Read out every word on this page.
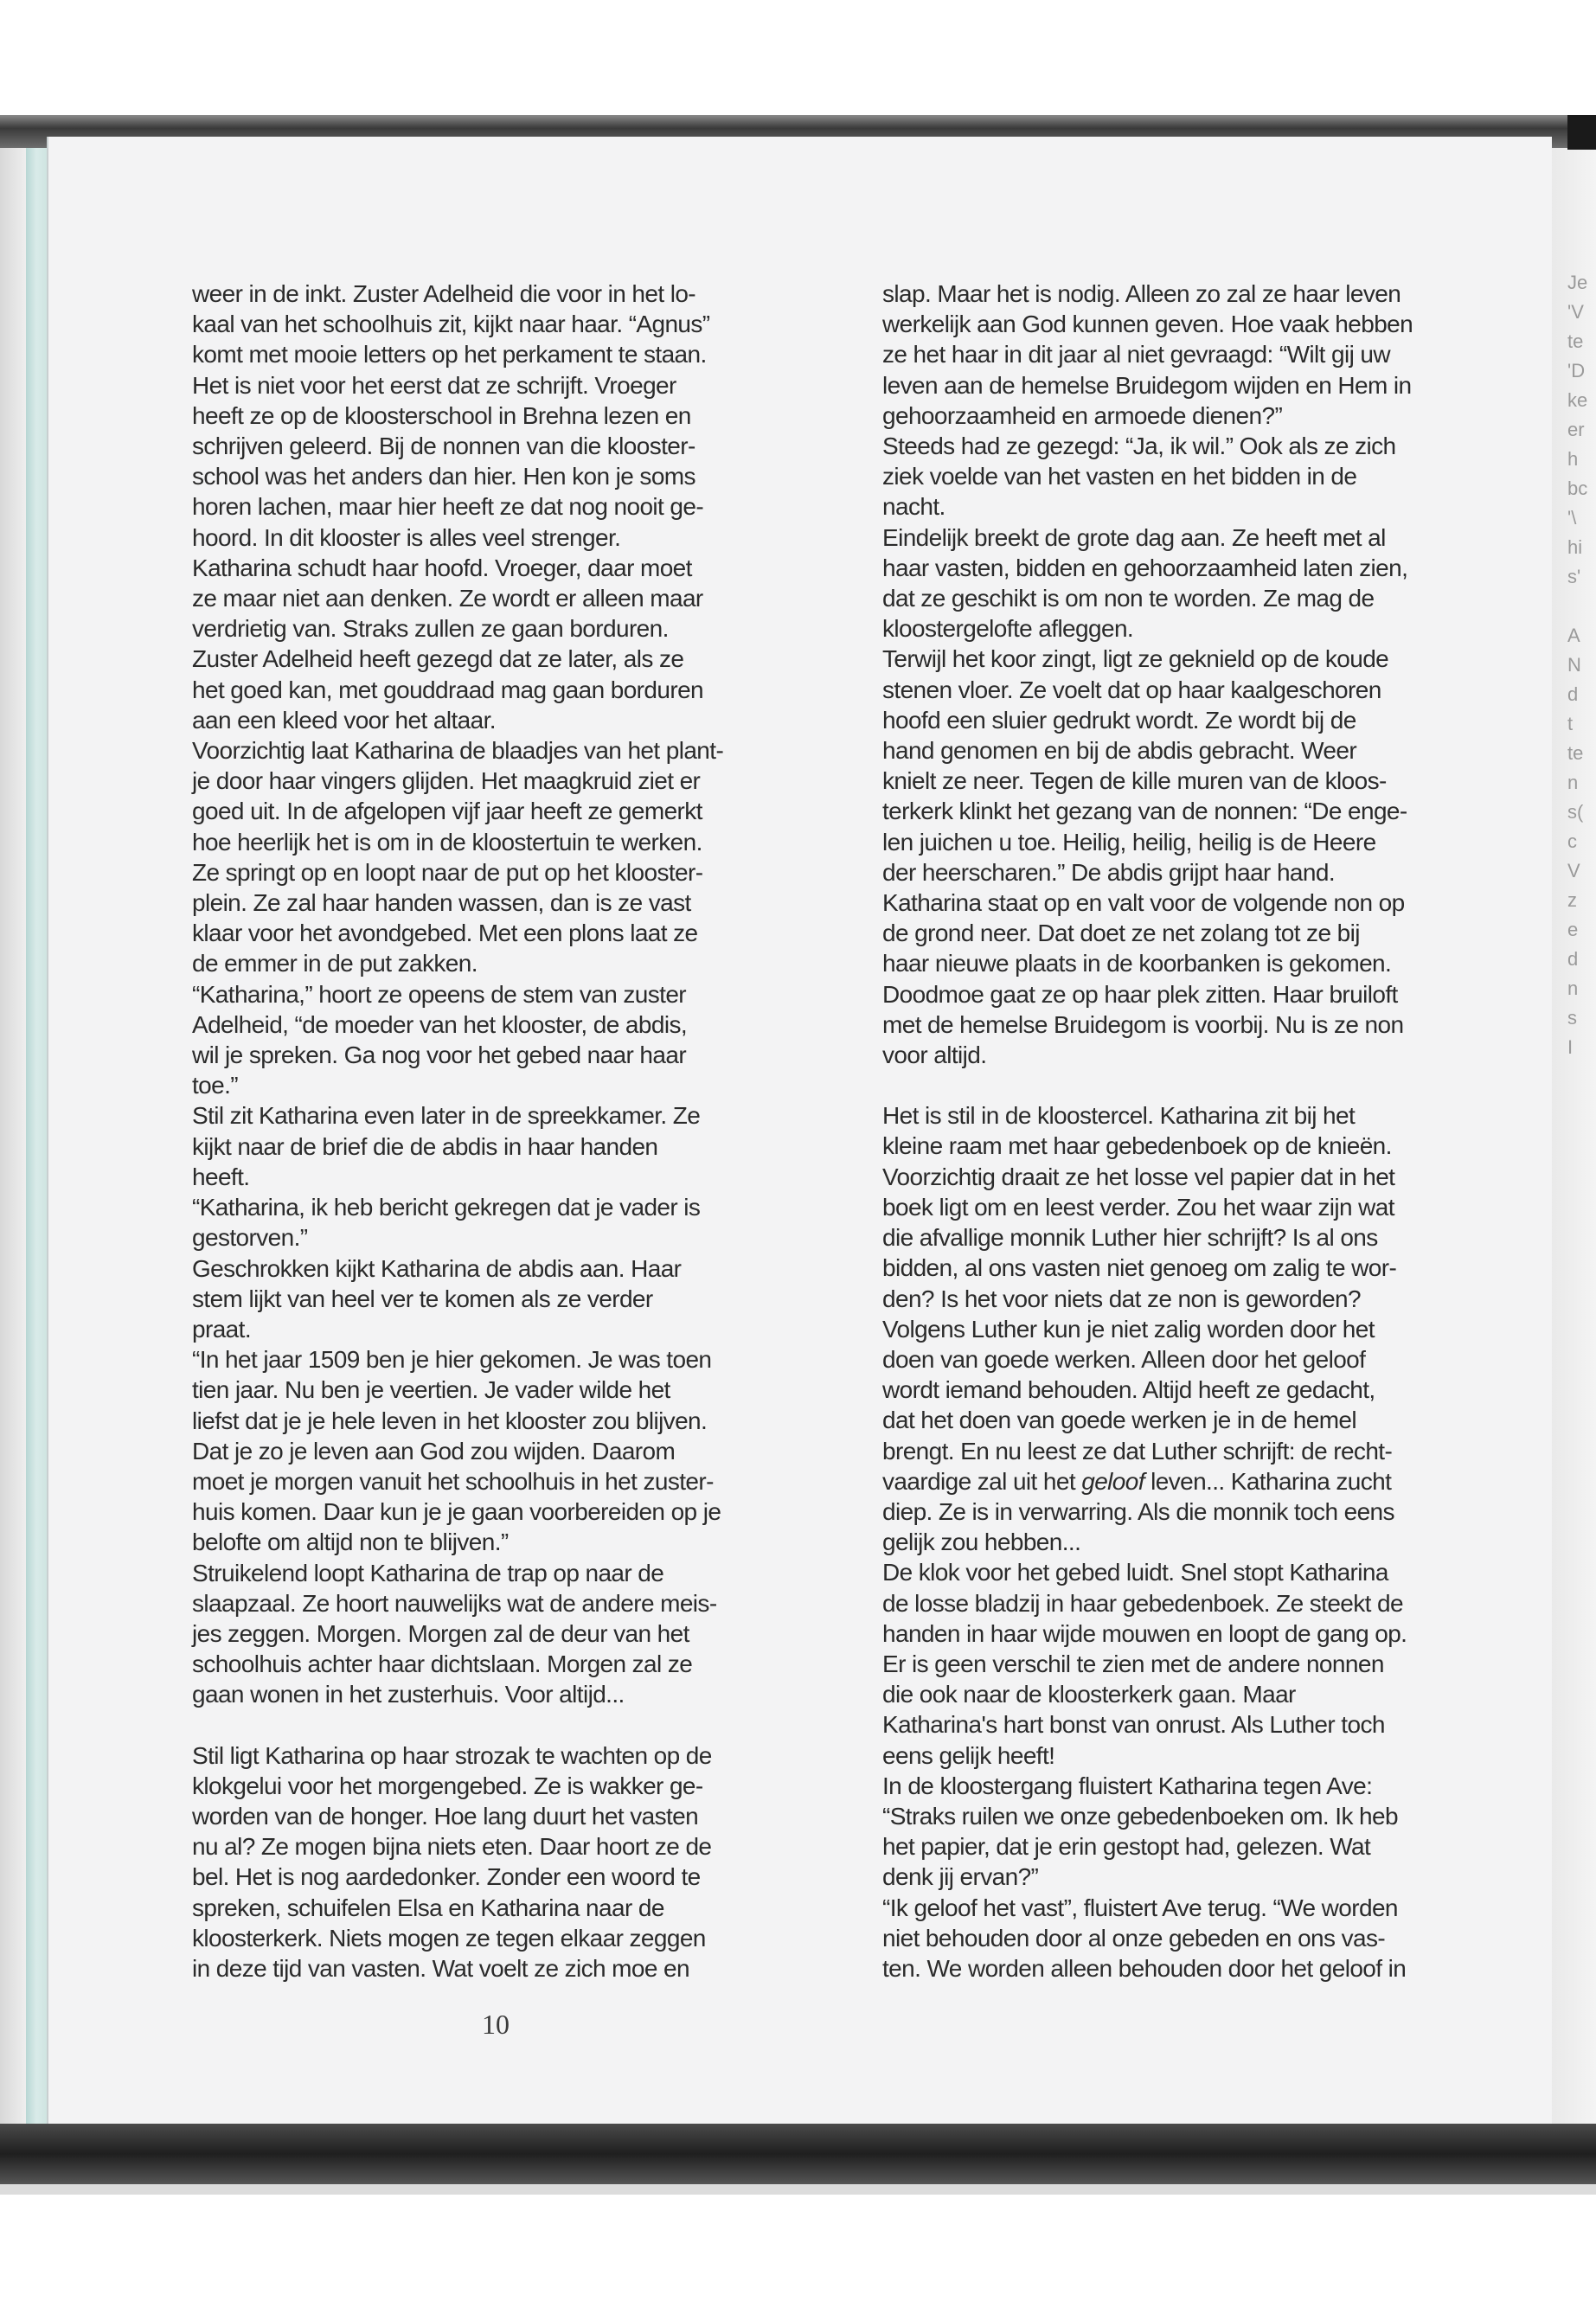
weer in de inkt. Zuster Adelheid die voor in het lo-

kaal van het schoolhuis zit, kijkt naar haar. “Agnus”

komt met mooie letters op het perkament te staan.

Het is niet voor het eerst dat ze schrijft. Vroeger

heeft ze op de kloosterschool in Brehna lezen en

schrijven geleerd. Bij de nonnen van die klooster-

school was het anders dan hier. Hen kon je soms

horen lachen, maar hier heeft ze dat nog nooit ge-

hoord. In dit klooster is alles veel strenger.

Katharina schudt haar hoofd. Vroeger, daar moet

ze maar niet aan denken. Ze wordt er alleen maar

verdrietig van. Straks zullen ze gaan borduren.

Zuster Adelheid heeft gezegd dat ze later, als ze

het goed kan, met gouddraad mag gaan borduren

aan een kleed voor het altaar.

Voorzichtig laat Katharina de blaadjes van het plant-

je door haar vingers glijden. Het maagkruid ziet er

goed uit. In de afgelopen vijf jaar heeft ze gemerkt

hoe heerlijk het is om in de kloostertuin te werken.

Ze springt op en loopt naar de put op het klooster-

plein. Ze zal haar handen wassen, dan is ze vast

klaar voor het avondgebed. Met een plons laat ze

de emmer in de put zakken.

“Katharina,” hoort ze opeens de stem van zuster

Adelheid, “de moeder van het klooster, de abdis,

wil je spreken. Ga nog voor het gebed naar haar

toe.”

Stil zit Katharina even later in de spreekkamer. Ze

kijkt naar de brief die de abdis in haar handen

heeft.

“Katharina, ik heb bericht gekregen dat je vader is

gestorven.”

Geschrokken kijkt Katharina de abdis aan. Haar

stem lijkt van heel ver te komen als ze verder

praat.

“In het jaar 1509 ben je hier gekomen. Je was toen

tien jaar. Nu ben je veertien. Je vader wilde het

liefst dat je je hele leven in het klooster zou blijven.

Dat je zo je leven aan God zou wijden. Daarom

moet je morgen vanuit het schoolhuis in het zuster-

huis komen. Daar kun je je gaan voorbereiden op je

belofte om altijd non te blijven.”

Struikelend loopt Katharina de trap op naar de

slaapzaal. Ze hoort nauwelijks wat de andere meis-

jes zeggen. Morgen. Morgen zal de deur van het

schoolhuis achter haar dichtslaan. Morgen zal ze

gaan wonen in het zusterhuis. Voor altijd...

Stil ligt Katharina op haar strozak te wachten op de

klokgelui voor het morgengebed. Ze is wakker ge-

worden van de honger. Hoe lang duurt het vasten

nu al? Ze mogen bijna niets eten. Daar hoort ze de

bel. Het is nog aardedonker. Zonder een woord te

spreken, schuifelen Elsa en Katharina naar de

kloosterkerk. Niets mogen ze tegen elkaar zeggen

in deze tijd van vasten. Wat voelt ze zich moe en

slap. Maar het is nodig. Alleen zo zal ze haar leven

werkelijk aan God kunnen geven. Hoe vaak hebben

ze het haar in dit jaar al niet gevraagd: “Wilt gij uw

leven aan de hemelse Bruidegom wijden en Hem in

gehoorzaamheid en armoede dienen?”

Steeds had ze gezegd: “Ja, ik wil.” Ook als ze zich

ziek voelde van het vasten en het bidden in de

nacht.

Eindelijk breekt de grote dag aan. Ze heeft met al

haar vasten, bidden en gehoorzaamheid laten zien,

dat ze geschikt is om non te worden. Ze mag de

kloostergelofte afleggen.

Terwijl het koor zingt, ligt ze geknield op de koude

stenen vloer. Ze voelt dat op haar kaalgeschoren

hoofd een sluier gedrukt wordt. Ze wordt bij de

hand genomen en bij de abdis gebracht. Weer

knielt ze neer. Tegen de kille muren van de kloos-

terkerk klinkt het gezang van de nonnen: “De enge-

len juichen u toe. Heilig, heilig, heilig is de Heere

der heerscharen.” De abdis grijpt haar hand.

Katharina staat op en valt voor de volgende non op

de grond neer. Dat doet ze net zolang tot ze bij

haar nieuwe plaats in de koorbanken is gekomen.

Doodmoe gaat ze op haar plek zitten. Haar bruiloft

met de hemelse Bruidegom is voorbij. Nu is ze non

voor altijd.

Het is stil in de kloostercel. Katharina zit bij het

kleine raam met haar gebedenboek op de knieën.

Voorzichtig draait ze het losse vel papier dat in het

boek ligt om en leest verder. Zou het waar zijn wat

die afvallige monnik Luther hier schrijft? Is al ons

bidden, al ons vasten niet genoeg om zalig te wor-

den? Is het voor niets dat ze non is geworden?

Volgens Luther kun je niet zalig worden door het

doen van goede werken. Alleen door het geloof

wordt iemand behouden. Altijd heeft ze gedacht,

dat het doen van goede werken je in de hemel

brengt. En nu leest ze dat Luther schrijft: de recht-

vaardige zal uit het geloof leven... Katharina zucht

diep. Ze is in verwarring. Als die monnik toch eens

gelijk zou hebben...

De klok voor het gebed luidt. Snel stopt Katharina

de losse bladzij in haar gebedenboek. Ze steekt de

handen in haar wijde mouwen en loopt de gang op.

Er is geen verschil te zien met de andere nonnen

die ook naar de kloosterkerk gaan. Maar

Katharina's hart bonst van onrust. Als Luther toch

eens gelijk heeft!

In de kloostergang fluistert Katharina tegen Ave:

“Straks ruilen we onze gebedenboeken om. Ik heb

het papier, dat je erin gestopt had, gelezen. Wat

denk jij ervan?”

“Ik geloof het vast”, fluistert Ave terug. “We worden

niet behouden door al onze gebeden en ons vas-

ten. We worden alleen behouden door het geloof in

10
Je
'V
te
'D
ke
er
h
bc
'\
hi
s'

A
N
d
t
te
n
s(
c
V
z
e
d
n
s
I
